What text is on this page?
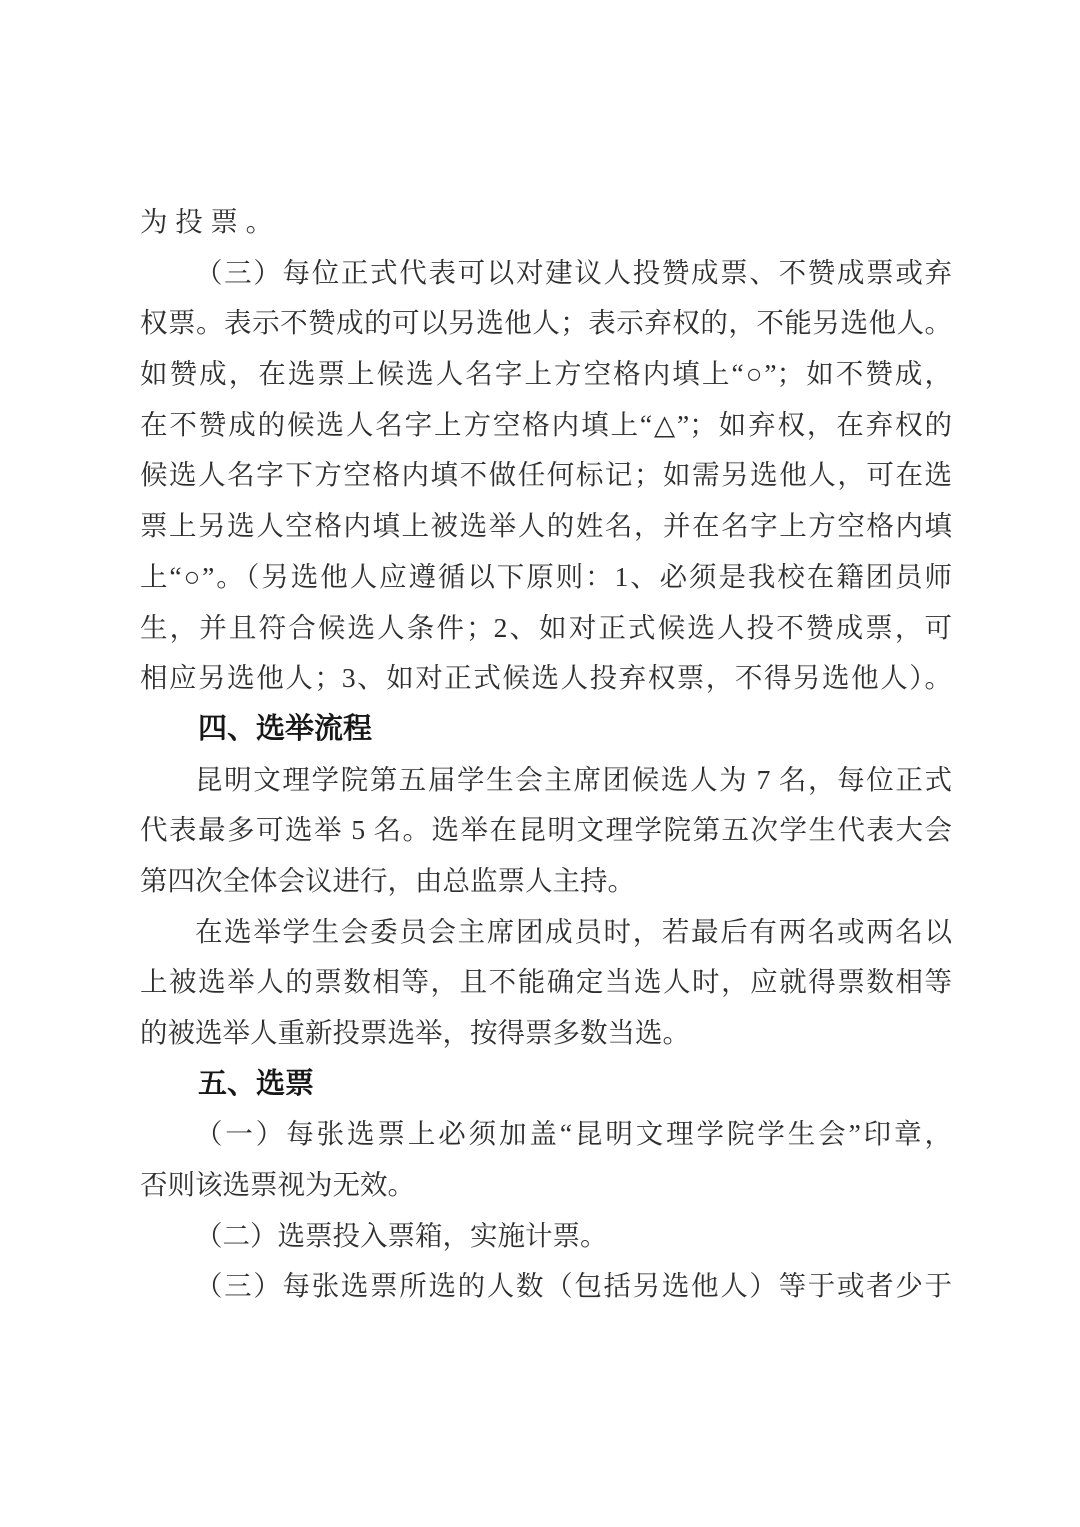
为投票。
（三）每位正式代表可以对建议人投赞成票、不赞成票或弃
权票。表示不赞成的可以另选他人；表示弃权的，不能另选他人。
如赞成，在选票上候选人名字上方空格内填上“○”；如不赞成，
在不赞成的候选人名字上方空格内填上“△”；如弃权，在弃权的
候选人名字下方空格内填不做任何标记；如需另选他人，可在选
票上另选人空格内填上被选举人的姓名，并在名字上方空格内填
上“○”。（另选他人应遵循以下原则：1、必须是我校在籍团员师
生，并且符合候选人条件；2、如对正式候选人投不赞成票，可
相应另选他人；3、如对正式候选人投弃权票，不得另选他人）。
四、选举流程
昆明文理学院第五届学生会主席团候选人为 7 名，每位正式
代表最多可选举 5 名。选举在昆明文理学院第五次学生代表大会
第四次全体会议进行，由总监票人主持。
在选举学生会委员会主席团成员时，若最后有两名或两名以
上被选举人的票数相等，且不能确定当选人时，应就得票数相等
的被选举人重新投票选举，按得票多数当选。
五、选票
（一）每张选票上必须加盖“昆明文理学院学生会”印章，
否则该选票视为无效。
（二）选票投入票箱，实施计票。
（三）每张选票所选的人数（包括另选他人）等于或者少于
